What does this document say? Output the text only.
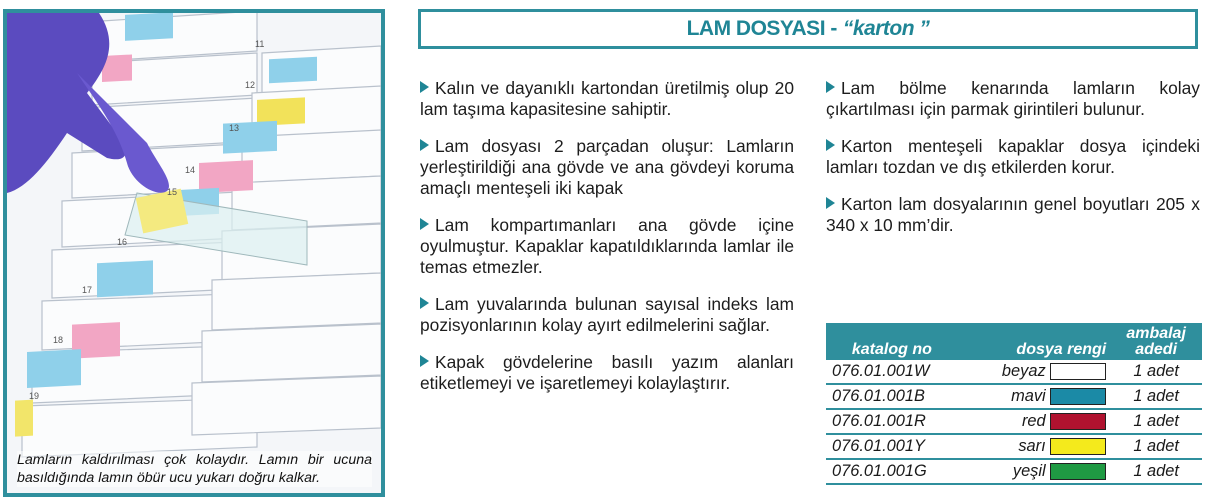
11
12
13
14
15
16
17
18
19
Lamların kaldırılması çok kolaydır. Lamın bir ucuna basıldığında lamın öbür ucu yukarı doğru kalkar.
LAM DOSYASI - “karton ”

Kalın ve dayanıklı kartondan üretilmiş olup 20 lam taşıma kapasitesine sahiptir.

Lam dosyası 2 parçadan oluşur: Lamların yerleştirildiği ana gövde ve ana gövdeyi koruma amaçlı menteşeli iki kapak

Lam kompartımanları ana gövde içine oyulmuştur. Kapaklar kapatıldıklarında lamlar ile temas etmezler.

Lam yuvalarında bulunan sayısal indeks lam pozisyonlarının kolay ayırt edilmelerini sağlar.

Kapak gövdelerine basılı yazım alanları etiketlemeyi ve işaretlemeyi kolaylaştırır.

Lam bölme kenarında lamların kolay çıkartılması için parmak girintileri bulunur.

Karton menteşeli kapaklar dosya içindeki lamları tozdan ve dış etkilerden korur.

Karton lam dosyalarının genel boyutları 205 x 340 x 10 mm’dir.

katalog no	dosya rengi	ambalaj adedi
076.01.001W	beyaz	1 adet
076.01.001B	mavi	1 adet
076.01.001R	red	1 adet
076.01.001Y	sarı	1 adet
076.01.001G	yeşil	1 adet
